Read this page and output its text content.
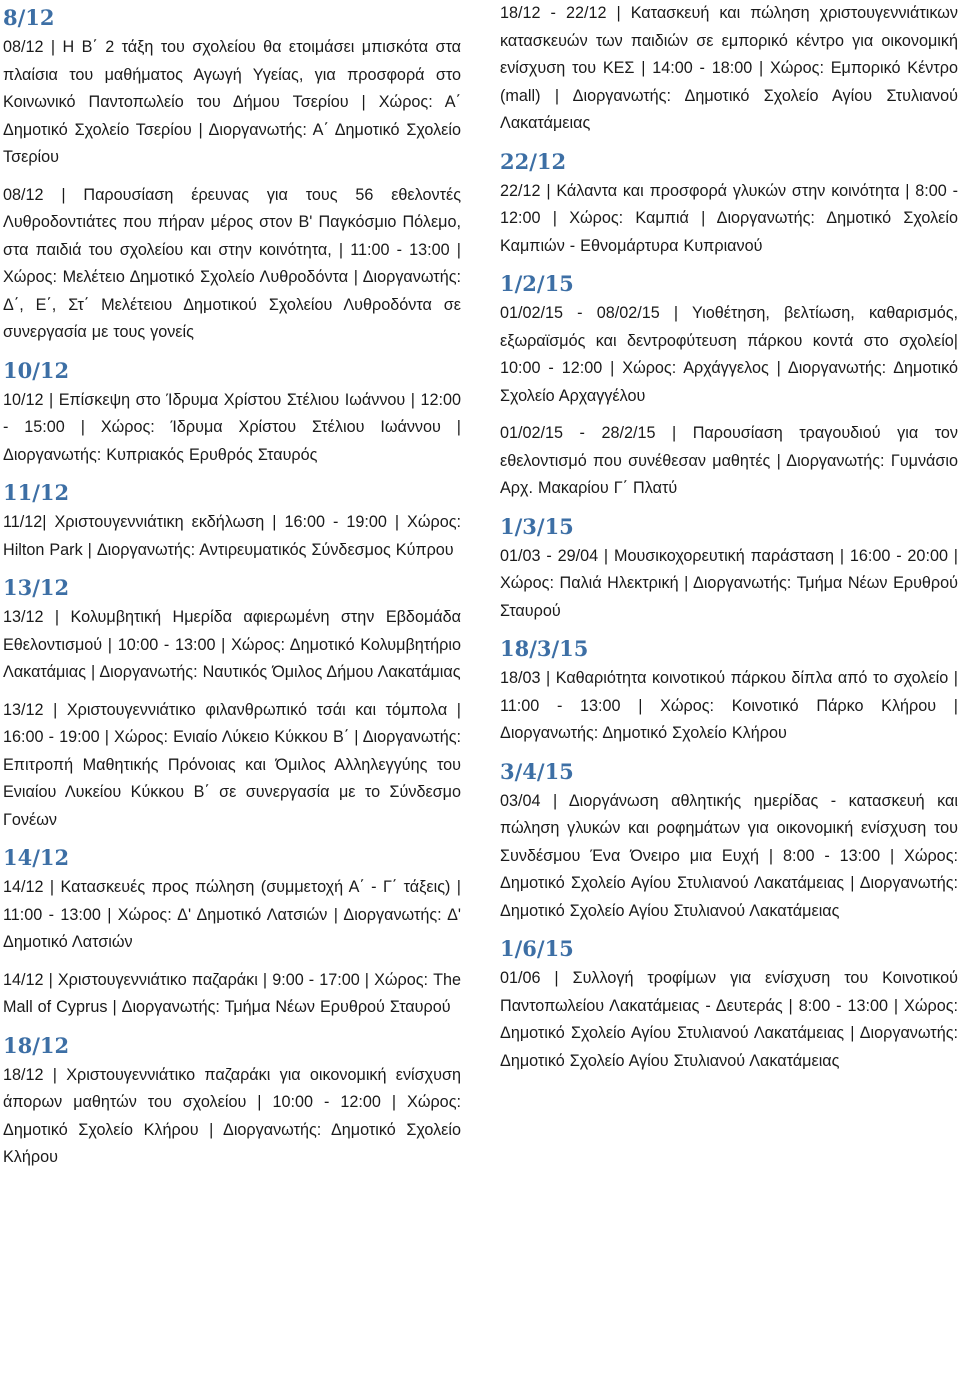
8/12
08/12 | Η Β΄ 2 τάξη του σχολείου θα ετοιμάσει μπισκότα στα πλαίσια του μαθήματος Αγωγή Υγείας, για προσφορά στο Κοινωνικό Παντοπωλείο του Δήμου Τσερίου | Χώρος: Α΄ Δημοτικό Σχολείο Τσερίου | Διοργανωτής: Α΄ Δημοτικό Σχολείο Τσερίου
08/12 | Παρουσίαση έρευνας για τους 56 εθελοντές Λυθροδοντιάτες που πήραν μέρος στον Β' Παγκόσμιο Πόλεμο, στα παιδιά του σχολείου και στην κοινότητα, | 11:00 - 13:00 | Χώρος: Μελέτειο Δημοτικό Σχολείο Λυθροδόντα | Διοργανωτής: Δ΄, Ε΄, Στ΄ Μελέτειου Δημοτικού Σχολείου Λυθροδόντα σε συνεργασία με τους γονείς
10/12
10/12 | Επίσκεψη στο Ίδρυμα Χρίστου Στέλιου Ιωάννου | 12:00 - 15:00 | Χώρος: Ίδρυμα Χρίστου Στέλιου Ιωάννου | Διοργανωτής: Κυπριακός Ερυθρός Σταυρός
11/12
11/12| Χριστουγεννιάτικη εκδήλωση | 16:00 - 19:00 | Χώρος: Hilton Park | Διοργανωτής: Αντιρευματικός Σύνδεσμος Κύπρου
13/12
13/12 | Κολυμβητική Ημερίδα αφιερωμένη στην Εβδομάδα Εθελοντισμού | 10:00 - 13:00 | Χώρος: Δημοτικό Κολυμβητήριο Λακατάμιας | Διοργανωτής: Ναυτικός Όμιλος Δήμου Λακατάμιας
13/12 | Χριστουγεννιάτικο φιλανθρωπικό τσάι και τόμπολα | 16:00 - 19:00 | Χώρος: Ενιαίο Λύκειο Κύκκου Β΄ | Διοργανωτής: Επιτροπή Μαθητικής Πρόνοιας και Όμιλος Αλληλεγγύης του Ενιαίου Λυκείου Κύκκου Β΄ σε συνεργασία με το Σύνδεσμο Γονέων
14/12
14/12 | Κατασκευές προς πώληση (συμμετοχή Α΄ - Γ΄ τάξεις) | 11:00 - 13:00 | Χώρος: Δ' Δημοτικό Λατσιών | Διοργανωτής: Δ' Δημοτικό Λατσιών
14/12 | Χριστουγεννιάτικο παζαράκι | 9:00 - 17:00 | Χώρος: The Mall of Cyprus | Διοργανωτής: Τμήμα Νέων Ερυθρού Σταυρού
18/12
18/12 | Χριστουγεννιάτικο παζαράκι για οικονομική ενίσχυση άπορων μαθητών του σχολείου | 10:00 - 12:00 | Χώρος: Δημοτικό Σχολείο Κλήρου | Διοργανωτής: Δημοτικό Σχολείο Κλήρου
18/12 - 22/12 | Κατασκευή και πώληση χριστουγεννιάτικων κατασκευών των παιδιών σε εμπορικό κέντρο για οικονομική ενίσχυση του ΚΕΣ | 14:00 - 18:00 | Χώρος: Εμπορικό Κέντρο (mall) | Διοργανωτής: Δημοτικό Σχολείο Αγίου Στυλιανού Λακατάμειας
22/12
22/12 | Κάλαντα και προσφορά γλυκών στην κοινότητα | 8:00 - 12:00 | Χώρος: Καμπιά | Διοργανωτής: Δημοτικό Σχολείο Καμπιών - Εθνομάρτυρα Κυπριανού
1/2/15
01/02/15 - 08/02/15 | Υιοθέτηση, βελτίωση, καθαρισμός, εξωραϊσμός και δεντροφύτευση πάρκου κοντά στο σχολείο| 10:00 - 12:00 | Χώρος: Αρχάγγελος | Διοργανωτής: Δημοτικό Σχολείο Αρχαγγέλου
01/02/15 - 28/2/15 | Παρουσίαση τραγουδιού για τον εθελοντισμό που συνέθεσαν μαθητές | Διοργανωτής: Γυμνάσιο Αρχ. Μακαρίου Γ΄ Πλατύ
1/3/15
01/03 - 29/04 | Μουσικοχορευτική παράσταση | 16:00 - 20:00 | Χώρος: Παλιά Ηλεκτρική | Διοργανωτής: Τμήμα Νέων Ερυθρού Σταυρού
18/3/15
18/03 | Καθαριότητα κοινοτικού πάρκου δίπλα από το σχολείο | 11:00 - 13:00 | Χώρος: Κοινοτικό Πάρκο Κλήρου | Διοργανωτής: Δημοτικό Σχολείο Κλήρου
3/4/15
03/04 | Διοργάνωση αθλητικής ημερίδας - κατασκευή και πώληση γλυκών και ροφημάτων για οικονομική ενίσχυση του Συνδέσμου Ένα Όνειρο μια Ευχή | 8:00 - 13:00 | Χώρος: Δημοτικό Σχολείο Αγίου Στυλιανού Λακατάμειας | Διοργανωτής: Δημοτικό Σχολείο Αγίου Στυλιανού Λακατάμειας
1/6/15
01/06 | Συλλογή τροφίμων για ενίσχυση του Κοινοτικού Παντοπωλείου Λακατάμειας - Δευτεράς | 8:00 - 13:00 | Χώρος: Δημοτικό Σχολείο Αγίου Στυλιανού Λακατάμειας | Διοργανωτής: Δημοτικό Σχολείο Αγίου Στυλιανού Λακατάμειας
